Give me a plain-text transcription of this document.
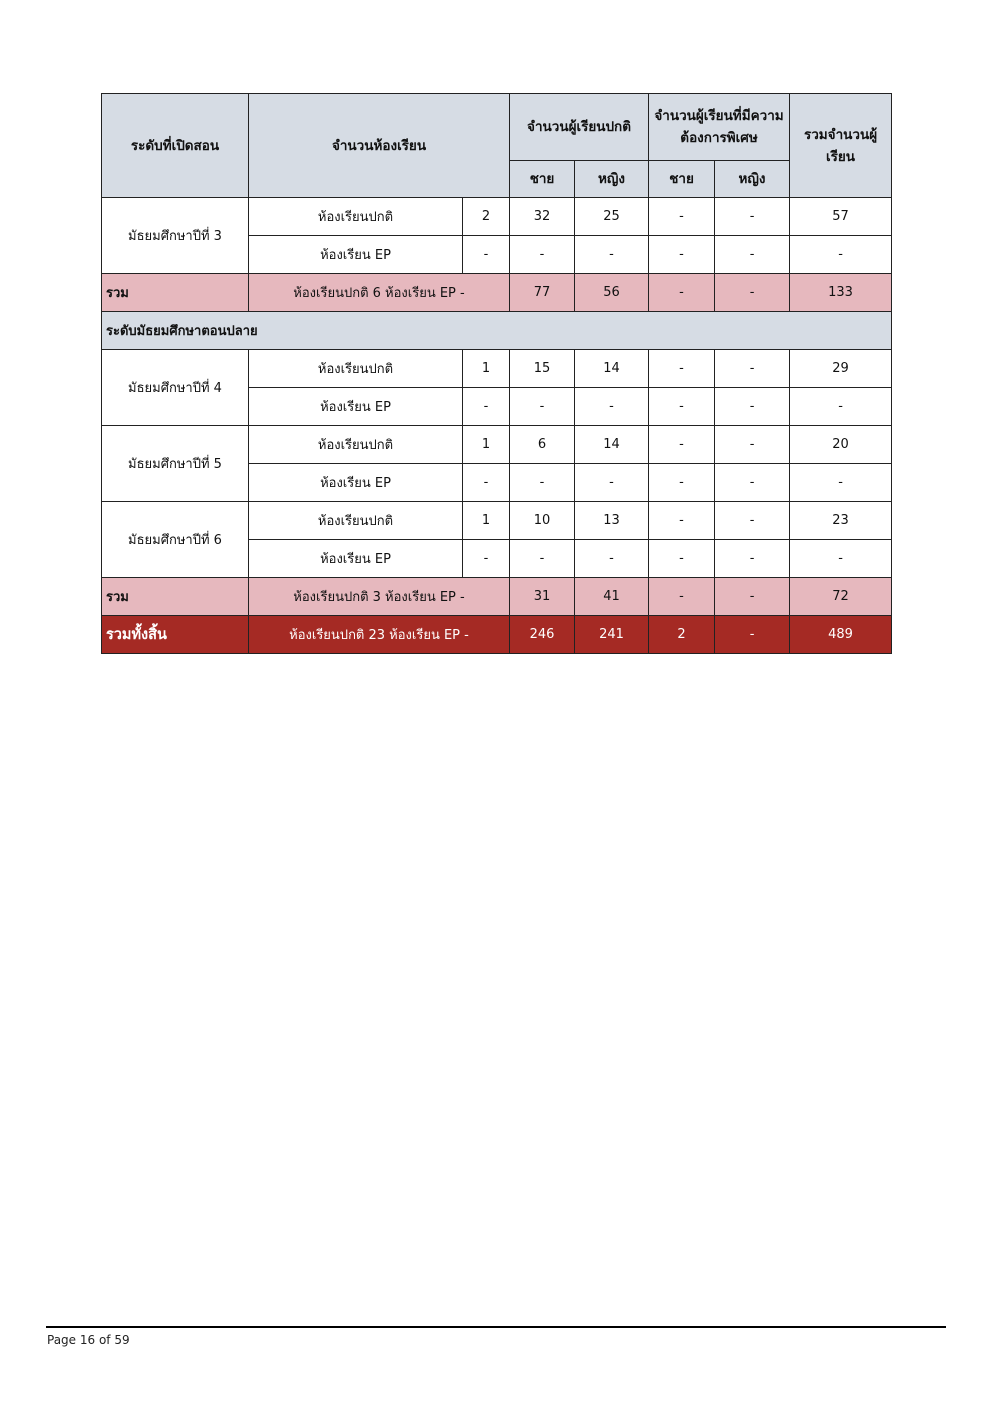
ระดับที่เปิดสอน	จำนวนห้องเรียน		จำนวนผู้เรียนปกติ		จำนวนผู้เรียนที่มีความต้องการพิเศษ		รวมจำนวนผู้เรียน
			ชาย	หญิง	ชาย	หญิง	
มัธยมศึกษาปีที่ 3	ห้องเรียนปกติ	2	32	25	-	-	57
	ห้องเรียน EP	-	-	-	-	-	-
รวม	ห้องเรียนปกติ 6 ห้องเรียน EP -		77	56	-	-	133
ระดับมัธยมศึกษาตอนปลาย							
มัธยมศึกษาปีที่ 4	ห้องเรียนปกติ	1	15	14	-	-	29
	ห้องเรียน EP	-	-	-	-	-	-
มัธยมศึกษาปีที่ 5	ห้องเรียนปกติ	1	6	14	-	-	20
	ห้องเรียน EP	-	-	-	-	-	-
มัธยมศึกษาปีที่ 6	ห้องเรียนปกติ	1	10	13	-	-	23
	ห้องเรียน EP	-	-	-	-	-	-
รวม	ห้องเรียนปกติ 3 ห้องเรียน EP -		31	41	-	-	72
รวมทั้งสิ้น	ห้องเรียนปกติ 23 ห้องเรียน EP -		246	241	2	-	489
Page 16 of 59
